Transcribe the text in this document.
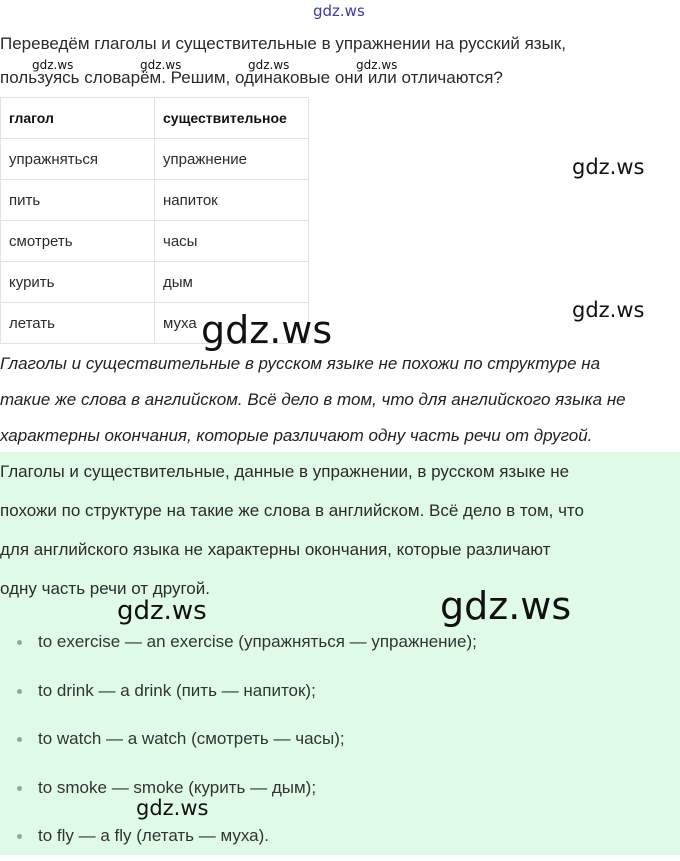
gdz.ws

Переведём глаголы и существительные в упражнении на русский язык,
пользуясь словарём. Решим, одинаковые они или отличаются?

gdz.ws	gdz.ws	gdz.ws	gdz.ws
глагол	существительное
упражняться	упражнение
пить	напиток
смотреть	часы
курить	дым
летать	муха
gdz.ws
gdz.ws

Глаголы и существительные в русском языке не похожи по структуре на
такие же слова в английском. Всё дело в том, что для английского языка не
характерны окончания, которые различают одну часть речи от другой.

gdz.ws

Глаголы и существительные, данные в упражнении, в русском языке не
похожи по структуре на такие же слова в английском. Всё дело в том, что
для английского языка не характерны окончания, которые различают
одну часть речи от другой.

to exercise — an exercise (упражняться — упражнение);
to drink — a drink (пить — напиток);
to watch — a watch (смотреть — часы);
to smoke — smoke (курить — дым);
to fly — a fly (летать — муха).
gdz.ws	gdz.ws
gdz.ws
